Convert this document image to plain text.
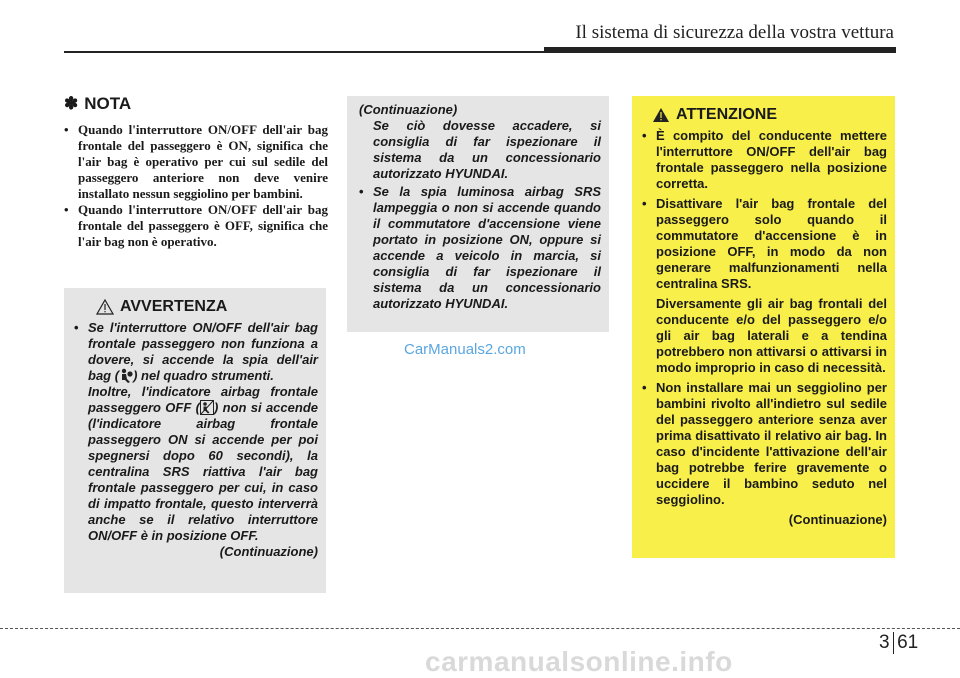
Il sistema di sicurezza della vostra vettura
✽ NOTA
• Quando l'interruttore ON/OFF dell'air bag frontale del passeggero è ON, significa che l'air bag è operativo per cui sul sedile del passeggero anteriore non deve venire installato nessun seggiolino per bambini.
• Quando l'interruttore ON/OFF dell'air bag frontale del passeggero è OFF, significa che l'air bag non è operativo.
AVVERTENZA
• Se l'interruttore ON/OFF dell'air bag frontale passeggero non funziona a dovere, si accende la spia dell'air bag ( ) nel quadro strumenti.
Inoltre, l'indicatore airbag frontale passeggero OFF ( ) non si accende (l'indicatore airbag frontale passeggero ON si accende per poi spegnersi dopo 60 secondi), la centralina SRS riattiva l'air bag frontale passeggero per cui, in caso di impatto frontale, questo interverrà anche se il relativo interruttore ON/OFF è in posizione OFF.
(Continuazione)
(Continuazione)
Se ciò dovesse accadere, si consiglia di far ispezionare il sistema da un concessionario autorizzato HYUNDAI.
• Se la spia luminosa airbag SRS lampeggia o non si accende quando il commutatore d'accensione viene portato in posizione ON, oppure si accende a veicolo in marcia, si consiglia di far ispezionare il sistema da un concessionario autorizzato HYUNDAI.
ATTENZIONE
• È compito del conducente mettere l'interruttore ON/OFF dell'air bag frontale passeggero nella posizione corretta.
• Disattivare l'air bag frontale del passeggero solo quando il commutatore d'accensione è in posizione OFF, in modo da non generare malfunzionamenti nella centralina SRS.

Diversamente gli air bag frontali del conducente e/o del passeggero e/o gli air bag laterali e a tendina potrebbero non attivarsi o attivarsi in modo improprio in caso di necessità.

• Non installare mai un seggiolino per bambini rivolto all'indietro sul sedile del passeggero anteriore senza aver prima disattivato il relativo air bag. In caso d'incidente l'attivazione dell'air bag potrebbe ferire gravemente o uccidere il bambino seduto nel seggiolino.
(Continuazione)
CarManuals2.com
3 61
carmanualsonline.info
